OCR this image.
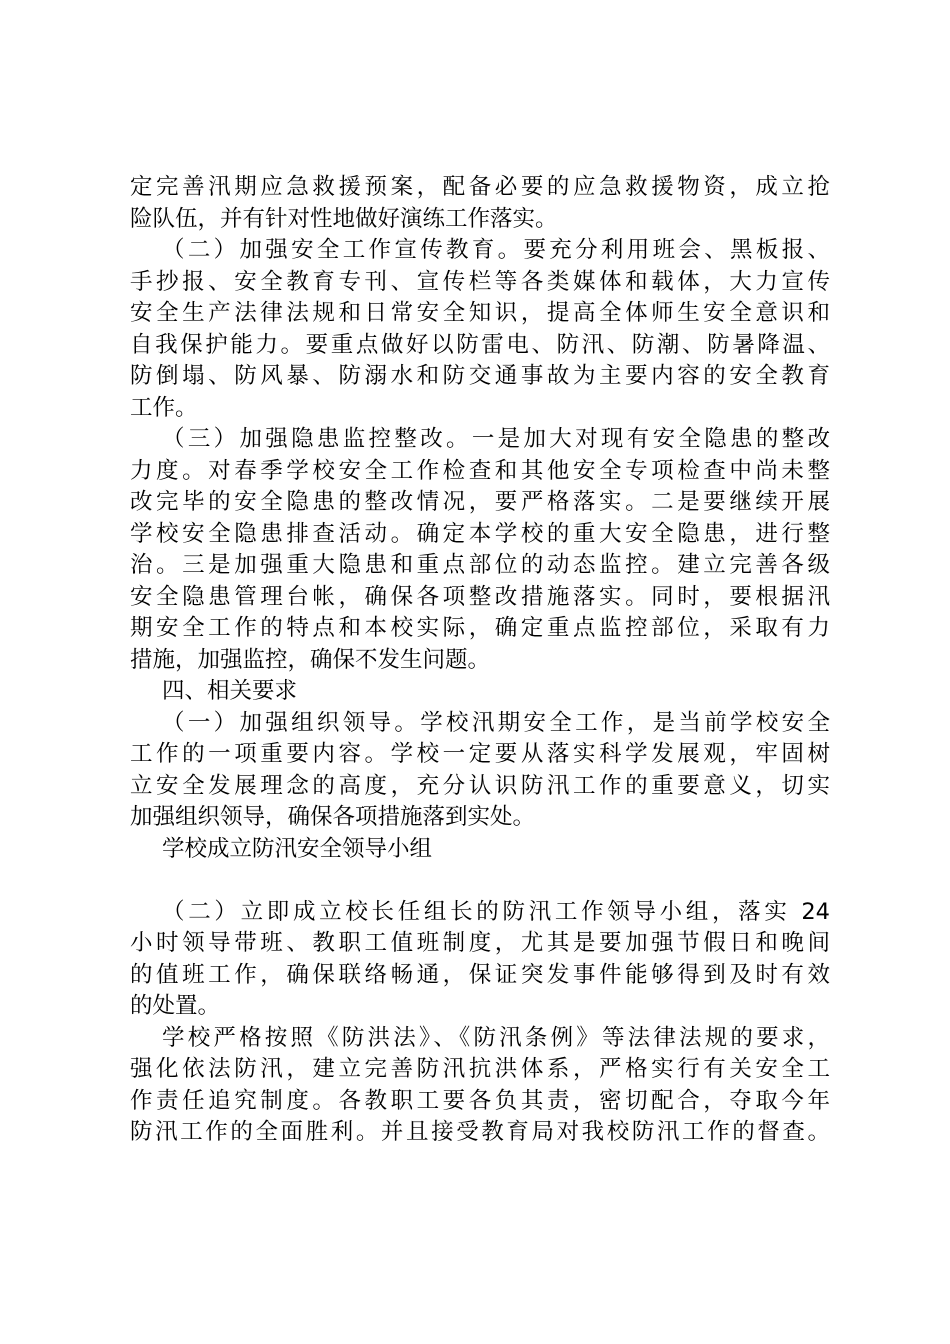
定完善汛期应急救援预案，配备必要的应急救援物资，成立抢
险队伍，并有针对性地做好演练工作落实。
（二）加强安全工作宣传教育。要充分利用班会、黑板报、
手抄报、安全教育专刊、宣传栏等各类媒体和载体，大力宣传
安全生产法律法规和日常安全知识，提高全体师生安全意识和
自我保护能力。要重点做好以防雷电、防汛、防潮、防暑降温、
防倒塌、防风暴、防溺水和防交通事故为主要内容的安全教育
工作。
（三）加强隐患监控整改。一是加大对现有安全隐患的整改
力度。对春季学校安全工作检查和其他安全专项检查中尚未整
改完毕的安全隐患的整改情况，要严格落实。二是要继续开展
学校安全隐患排查活动。确定本学校的重大安全隐患，进行整
治。三是加强重大隐患和重点部位的动态监控。建立完善各级
安全隐患管理台帐，确保各项整改措施落实。同时，要根据汛
期安全工作的特点和本校实际，确定重点监控部位，采取有力
措施，加强监控，确保不发生问题。
四、相关要求
（一）加强组织领导。学校汛期安全工作，是当前学校安全
工作的一项重要内容。学校一定要从落实科学发展观，牢固树
立安全发展理念的高度，充分认识防汛工作的重要意义，切实
加强组织领导，确保各项措施落到实处。
学校成立防汛安全领导小组
（二）立即成立校长任组长的防汛工作领导小组，落实 24
小时领导带班、教职工值班制度，尤其是要加强节假日和晚间
的值班工作，确保联络畅通，保证突发事件能够得到及时有效
的处置。
学校严格按照《防洪法》、《防汛条例》等法律法规的要求，
强化依法防汛，建立完善防汛抗洪体系，严格实行有关安全工
作责任追究制度。各教职工要各负其责，密切配合，夺取今年
防汛工作的全面胜利。并且接受教育局对我校防汛工作的督查。
